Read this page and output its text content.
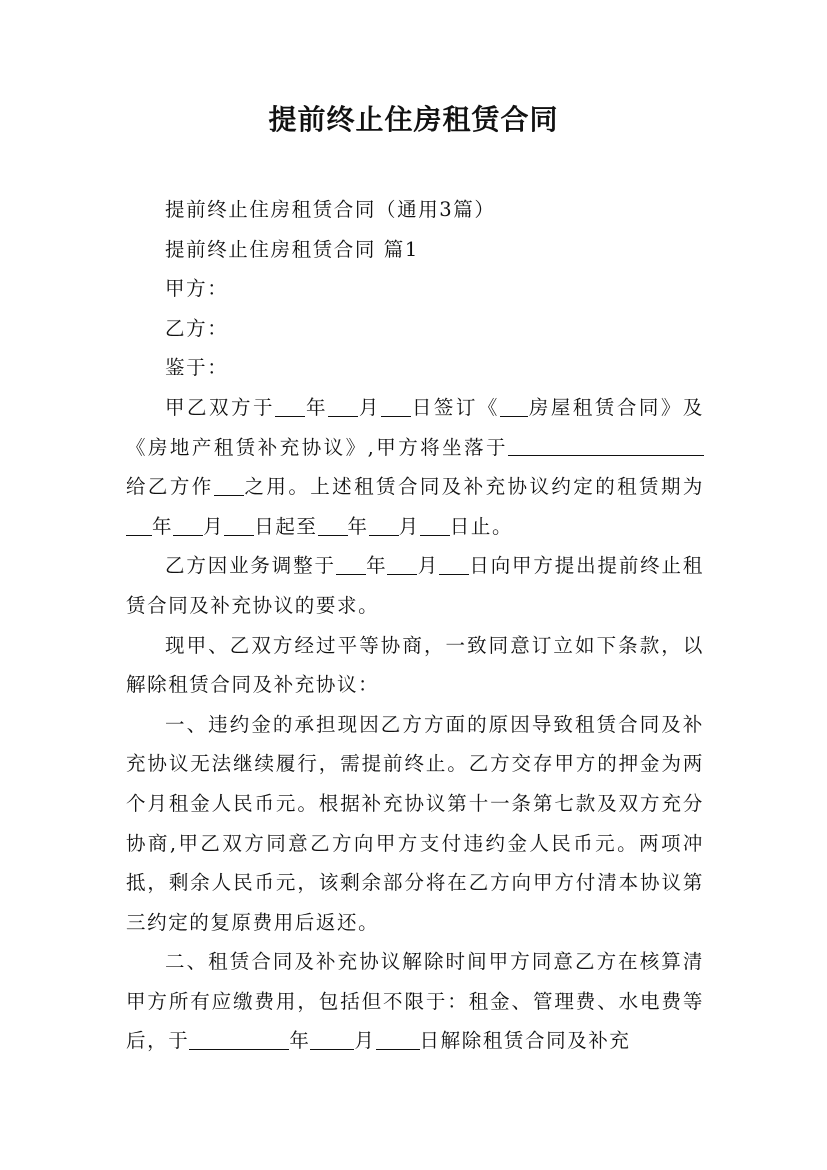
提前终止住房租赁合同

提前终止住房租赁合同（通用3篇）

提前终止住房租赁合同 篇1

甲方：

乙方：

鉴于：

甲乙双方于 年 月 日签订《 房屋租赁合同》及《房地产租赁补充协议》,甲方将坐落于给乙方作 之用。上述租赁合同及补充协议约定的租赁期为年 月 日起至 年 月 日止。

乙方因业务调整于 年 月 日向甲方提出提前终止租赁合同及补充协议的要求。

现甲、乙双方经过平等协商，一致同意订立如下条款，以解除租赁合同及补充协议：

一、违约金的承担现因乙方方面的原因导致租赁合同及补充协议无法继续履行，需提前终止。乙方交存甲方的押金为两个月租金人民币元。根据补充协议第十一条第七款及双方充分协商,甲乙双方同意乙方向甲方支付违约金人民币元。两项冲抵，剩余人民币元，该剩余部分将在乙方向甲方付清本协议第三约定的复原费用后返还。

二、租赁合同及补充协议解除时间甲方同意乙方在核算清甲方所有应缴费用，包括但不限于：租金、管理费、水电费等后，于	年 月 日解除租赁合同及补充
